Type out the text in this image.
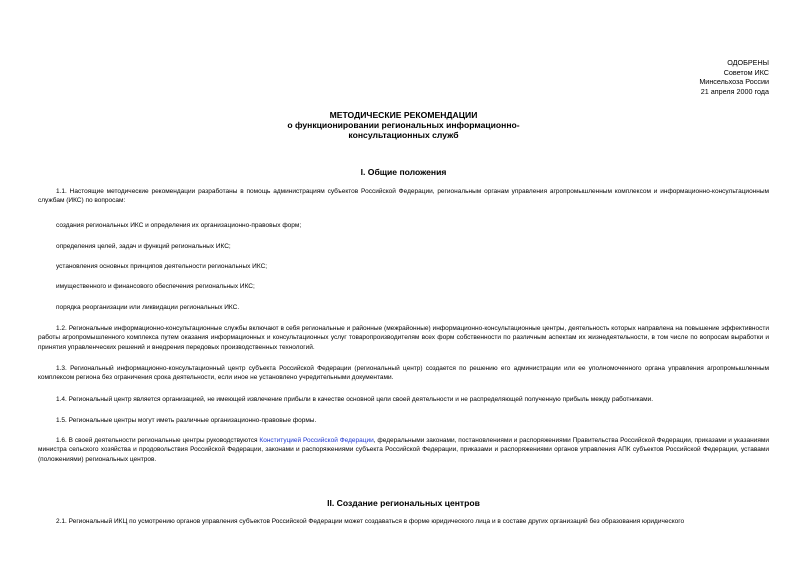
ОДОБРЕНЫ
Советом ИКС
Минсельхоза России
21 апреля 2000 года
МЕТОДИЧЕСКИЕ РЕКОМЕНДАЦИИ
о функционировании региональных информационно-
консультационных служб
I. Общие положения

1.1. Настоящие методические рекомендации разработаны в помощь администрациям субъектов Российской Федерации, региональным органам управления агропромышленным комплексом и информационно-консультационным службам (ИКС) по вопросам:

создания региональных ИКС и определения их организационно-правовых форм;

определения целей, задач и функций региональных ИКС;

установления основных принципов деятельности региональных ИКС;

имущественного и финансового обеспечения региональных ИКС;

порядка реорганизации или ликвидации региональных ИКС.

1.2. Региональные информационно-консультационные службы включают в себя региональные и районные (межрайонные) информационно-консультационные центры, деятельность которых направлена на повышение эффективности работы агропромышленного комплекса путем оказания информационных и консультационных услуг товаропроизводителям всех форм собственности по различным аспектам их жизнедеятельности, в том числе по вопросам выработки и принятия управленческих решений и внедрения передовых производственных технологий.

1.3. Региональный информационно-консультационный центр субъекта Российской Федерации (региональный центр) создается по решению его администрации или ее уполномоченного органа управления агропромышленным комплексом региона без ограничения срока деятельности, если иное не установлено учредительными документами.

1.4. Региональный центр является организацией, не имеющей извлечение прибыли в качестве основной цели своей деятельности и не распределяющей полученную прибыль между работниками.

1.5. Региональные центры могут иметь различные организационно-правовые формы.

1.6. В своей деятельности региональные центры руководствуются Конституцией Российской Федерации, федеральными законами, постановлениями и распоряжениями Правительства Российской Федерации, приказами и указаниями министра сельского хозяйства и продовольствия Российской Федерации, законами и распоряжениями субъекта Российской Федерации, приказами и распоряжениями органов управления АПК субъектов Российской Федерации, уставами (положениями) региональных центров.

II. Создание региональных центров

2.1. Региональный ИКЦ по усмотрению органов управления субъектов Российской Федерации может создаваться в форме юридического лица и в составе других организаций без образования юридического
